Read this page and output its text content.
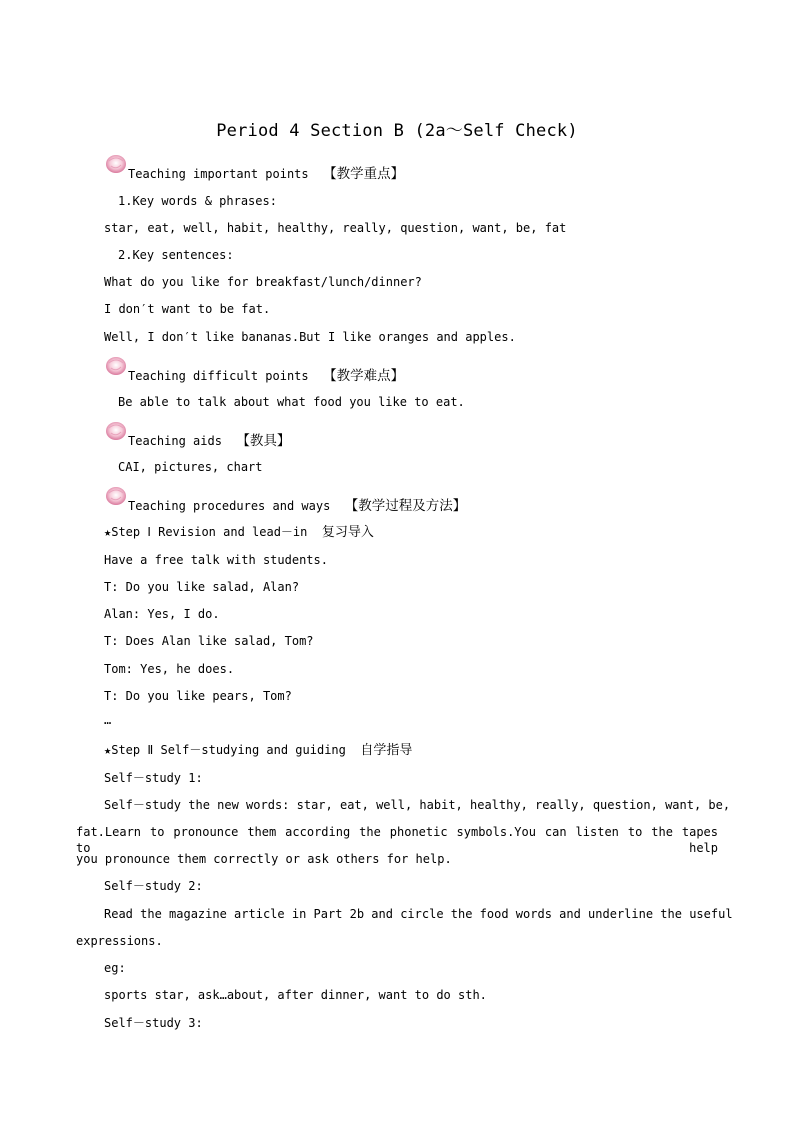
Period 4 Section B (2a～Self Check)
Teaching important points 【教学重点】
1.Key words & phrases:
star, eat, well, habit, healthy, really, question, want, be, fat
2.Key sentences:
What do you like for breakfast/lunch/dinner?
I don′t want to be fat.
Well, I don′t like bananas.But I like oranges and apples.
Teaching difficult points 【教学难点】
Be able to talk about what food you like to eat.
Teaching aids 【教具】
CAI, pictures, chart
Teaching procedures and ways 【教学过程及方法】
★Step Ⅰ Revision and lead－in 复习导入
Have a free talk with students.
T: Do you like salad, Alan?
Alan: Yes, I do.
T: Does Alan like salad, Tom?
Tom: Yes, he does.
T: Do you like pears, Tom?
…
★Step Ⅱ Self－studying and guiding 自学指导
Self－study 1:
Self－study the new words: star, eat, well, habit, healthy, really, question, want, be,
fat.Learn to pronounce them according the phonetic symbols.You can listen to the tapes to help
you pronounce them correctly or ask others for help.
Self－study 2:
Read the magazine article in Part 2b and circle the food words and underline the useful
expressions.
eg:
sports star, ask…about, after dinner, want to do sth.
Self－study 3:
